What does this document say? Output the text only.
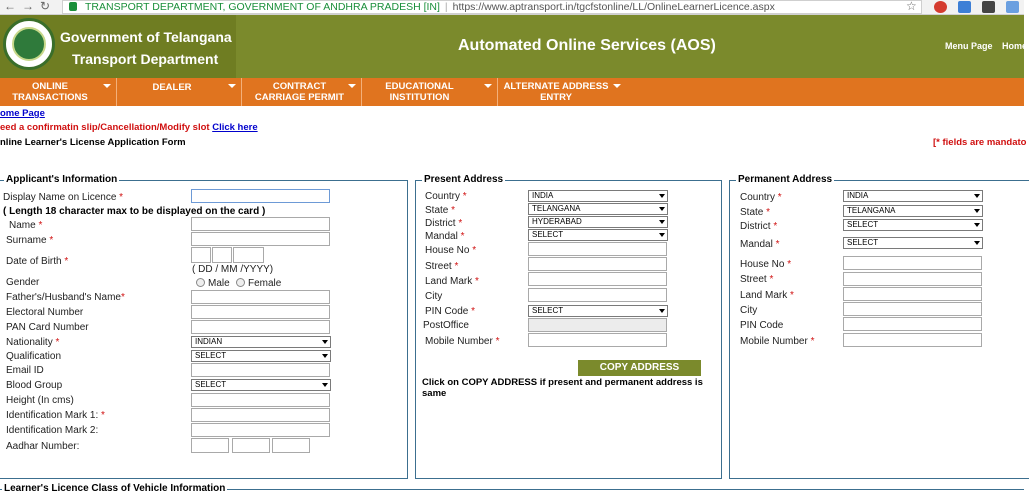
← → ↻	TRANSPORT DEPARTMENT, GOVERNMENT OF ANDHRA PRADESH [IN] | https://www.aptransport.in/tgcfstonline/LL/OnlineLearnerLicence.aspx	☆
Government of Telangana
Transport Department
Automated Online Services (AOS)	Menu Page Home
ONLINE TRANSACTIONS
DEALER	CONTRACT CARRIAGE PERMIT
EDUCATIONAL INSTITUTION
ALTERNATE ADDRESS ENTRY
ome Page
eed a confirmatin slip/Cancellation/Modify slot Click here
nline Learner's License Application Form	[* fields are mandato
Applicant's Information
Display Name on Licence *
( Length 18 character max to be displayed on the card )
Name *
Surname *
Date of Birth *
( DD / MM /YYYY)
Gender	Male Female
Father's/Husband's Name*
Electoral Number
PAN Card Number
Nationality *	INDIAN
Qualification	SELECT
Email ID
Blood Group	SELECT
Height (In cms)
Identification Mark 1: *
Identification Mark 2:
Aadhar Number:
Present Address
Country *	INDIA
State *	TELANGANA
District *	HYDERABAD
Mandal *	SELECT
House No *
Street *
Land Mark *
City
PIN Code *	SELECT
PostOffice
Mobile Number *
COPY ADDRESS
Click on COPY ADDRESS if present and permanent address is same
Permanent Address
Country *	INDIA
State *	TELANGANA
District *	SELECT
Mandal *	SELECT
House No *
Street *
Land Mark *
City
PIN Code
Mobile Number *
Learner's Licence Class of Vehicle Information
